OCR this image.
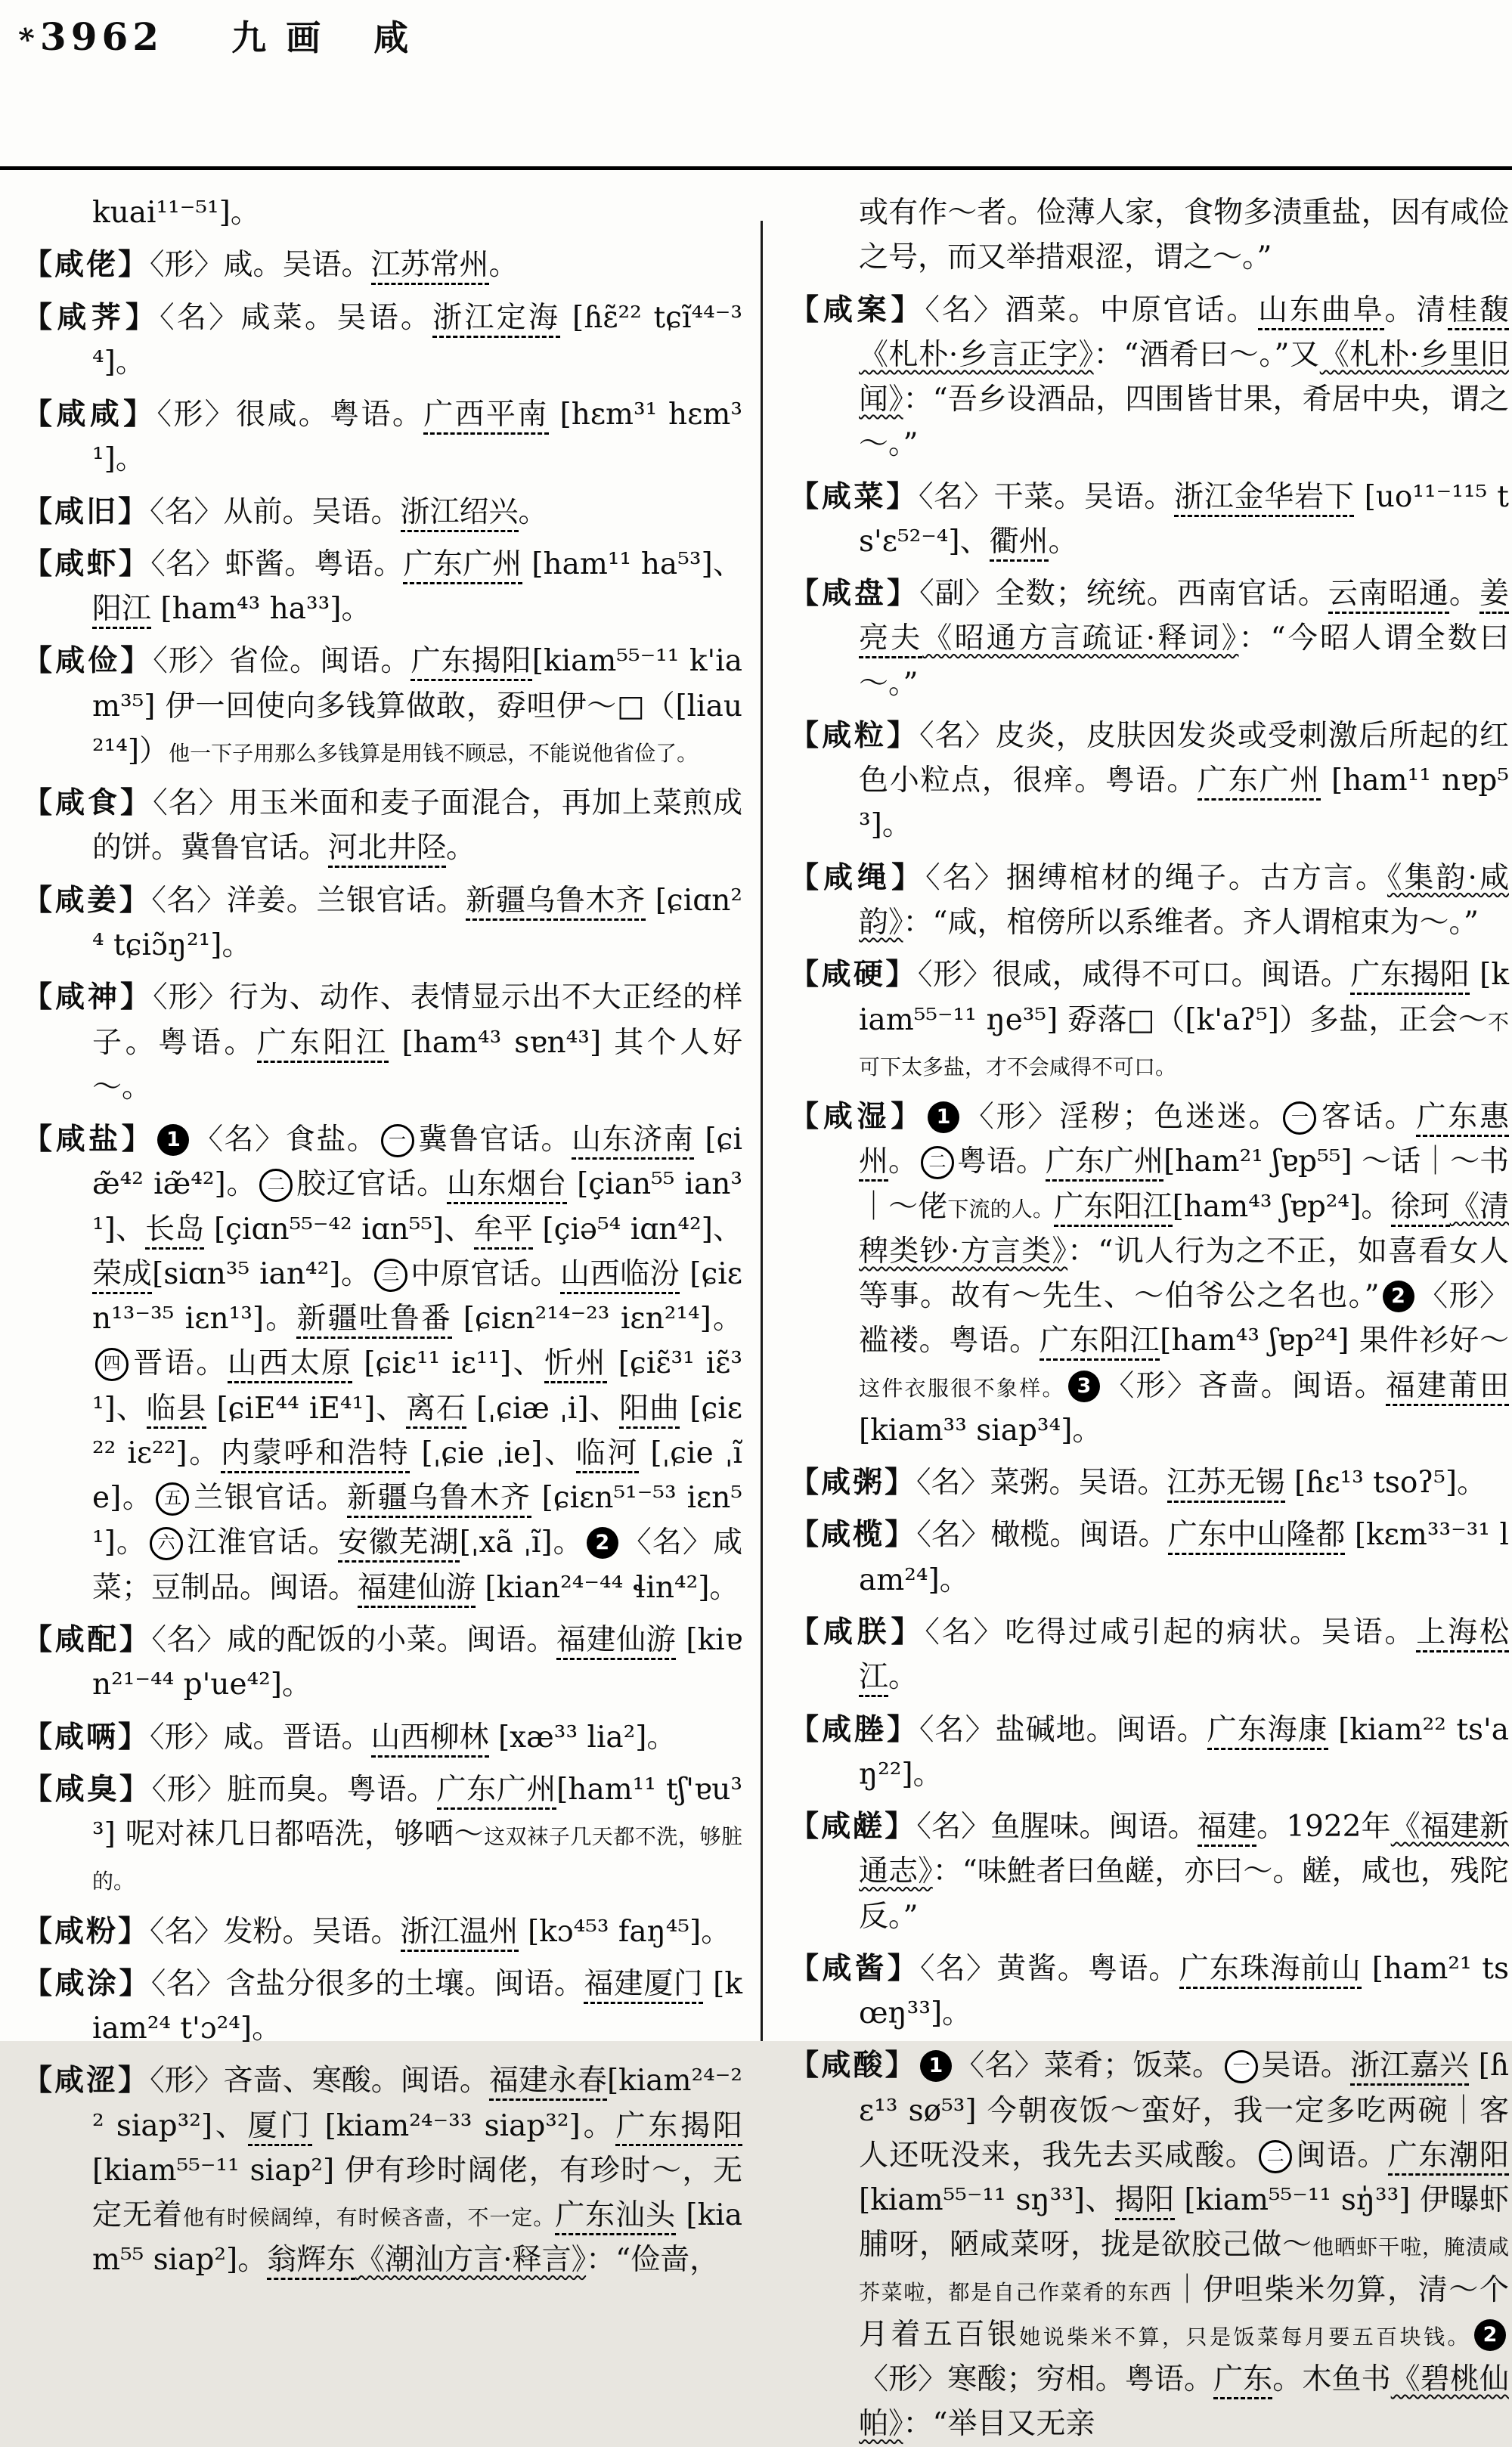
* 3962 九画 咸

kuai¹¹⁻⁵¹]。

【咸佬】〈形〉咸。吴语。江苏常州。

【咸荠】〈名〉咸菜。吴语。浙江定海 [ɦɛ̃²² tɕĩ⁴⁴⁻³⁴]。

【咸咸】〈形〉很咸。粤语。广西平南 [hɛm³¹ hɛm³¹]。

【咸旧】〈名〉从前。吴语。浙江绍兴。

【咸虾】〈名〉虾酱。粤语。广东广州 [ham¹¹ ha⁵³]、阳江 [ham⁴³ ha³³]。

【咸俭】〈形〉省俭。闽语。广东揭阳[kiam⁵⁵⁻¹¹ k'iam³⁵] 伊一回使向多钱算做敢，孬呾伊～□（[liau²¹⁴]）他一下子用那么多钱算是用钱不顾忌，不能说他省俭了。

【咸食】〈名〉用玉米面和麦子面混合，再加上菜煎成的饼。冀鲁官话。河北井陉。

【咸姜】〈名〉洋姜。兰银官话。新疆乌鲁木齐 [ɕiɑn²⁴ tɕiɔ̃ŋ²¹]。

【咸神】〈形〉行为、动作、表情显示出不大正经的样子。粤语。广东阳江 [ham⁴³ sɐn⁴³] 其个人好～。

【咸盐】 1 〈名〉食盐。 一 冀鲁官话。山东济南 [ɕiæ̃⁴² iæ̃⁴²]。 二 胶辽官话。山东烟台 [çian⁵⁵ ian³¹]、长岛 [çiɑn⁵⁵⁻⁴² iɑn⁵⁵]、牟平 [çiə⁵⁴ iɑn⁴²]、荣成[siɑn³⁵ ian⁴²]。 三 中原官话。山西临汾 [ɕiɛn¹³⁻³⁵ iɛn¹³]。新疆吐鲁番 [ɕiɛn²¹⁴⁻²³ iɛn²¹⁴]。四 晋语。山西太原 [ɕiɛ¹¹ iɛ¹¹]、忻州 [ɕiɛ̃³¹ iɛ̃³¹]、临县 [ɕiE⁴⁴ iE⁴¹]、离石 [ˌɕiæ ˌi]、阳曲 [ɕiɛ²² iɛ²²]。内蒙呼和浩特 [ˌɕie ˌie]、临河 [ˌɕie ˌĩe]。 五 兰银官话。新疆乌鲁木齐 [ɕiɛn⁵¹⁻⁵³ iɛn⁵¹]。 六 江淮官话。安徽芜湖[ˌxã ˌĩ]。 2 〈名〉咸菜；豆制品。闽语。福建仙游 [kian²⁴⁻⁴⁴ ɬin⁴²]。

【咸配】〈名〉咸的配饭的小菜。闽语。福建仙游 [kiɐn²¹⁻⁴⁴ p'ue⁴²]。

【咸唡】〈形〉咸。晋语。山西柳林 [xæ³³ lia²]。

【咸臭】〈形〉脏而臭。粤语。广东广州[ham¹¹ tʃ'ɐu³³] 呢对袜几日都唔洗，够哂～这双袜子几天都不洗，够脏的。

【咸粉】〈名〉发粉。吴语。浙江温州 [kɔ⁴⁵³ faŋ⁴⁵]。

【咸涂】〈名〉含盐分很多的土壤。闽语。福建厦门 [kiam²⁴ t'ɔ²⁴]。

【咸涩】〈形〉吝啬、寒酸。闽语。福建永春[kiam²⁴⁻²² siap³²]、厦门 [kiam²⁴⁻³³ siap³²]。广东揭阳 [kiam⁵⁵⁻¹¹ siap²] 伊有珍时阔佬，有珍时～，无定无着他有时候阔绰，有时候吝啬，不一定。广东汕头 [kiam⁵⁵ siap²]。翁辉东《潮汕方言·释言》：“俭啬，

或有作～者。俭薄人家，食物多渍重盐，因有咸俭之号，而又举措艰涩，谓之～。”

【咸案】〈名〉酒菜。中原官话。山东曲阜。清桂馥《札朴·乡言正字》：“酒肴曰～。”又《札朴·乡里旧闻》：“吾乡设酒品，四围皆甘果，肴居中央，谓之～。”

【咸菜】〈名〉干菜。吴语。浙江金华岩下 [uo¹¹⁻¹¹⁵ ts'ɛ⁵²⁻⁴]、衢州。

【咸盘】〈副〉全数；统统。西南官话。云南昭通。姜亮夫《昭通方言疏证·释词》：“今昭人谓全数曰～。”

【咸粒】〈名〉皮炎，皮肤因发炎或受刺激后所起的红色小粒点，很痒。粤语。广东广州 [ham¹¹ nɐp⁵³]。

【咸绳】〈名〉捆缚棺材的绳子。古方言。《集韵·咸韵》：“咸，棺傍所以系维者。齐人谓棺束为～。”

【咸硬】〈形〉很咸，咸得不可口。闽语。广东揭阳 [kiam⁵⁵⁻¹¹ ŋe³⁵] 孬落□（[k'aʔ⁵]）多盐，正会～不可下太多盐，才不会咸得不可口。

【咸湿】 1 〈形〉淫秽；色迷迷。 一 客话。广东惠州。 二 粤语。广东广州[ham²¹ ʃɐp⁵⁵] ～话｜～书｜～佬下流的人。广东阳江[ham⁴³ ʃɐp²⁴]。徐珂《清稗类钞·方言类》：“讥人行为之不正，如喜看女人等事。故有～先生、～伯爷公之名也。” 2 〈形〉褴褛。粤语。广东阳江[ham⁴³ ʃɐp²⁴] 果件衫好～这件衣服很不象样。 3 〈形〉吝啬。闽语。福建莆田 [kiam³³ siap³⁴]。

【咸粥】〈名〉菜粥。吴语。江苏无锡 [ɦɛ¹³ tsoʔ⁵]。

【咸榄】〈名〉橄榄。闽语。广东中山隆都 [kɛm³³⁻³¹ lam²⁴]。

【咸朕】〈名〉吃得过咸引起的病状。吴语。上海松江。

【咸塍】〈名〉盐碱地。闽语。广东海康 [kiam²² ts'aŋ²²]。

【咸鹾】〈名〉鱼腥味。闽语。福建。1922年《福建新通志》：“味鮏者曰鱼鹾，亦曰～。鹾，咸也，残陀反。”

【咸酱】〈名〉黄酱。粤语。广东珠海前山 [ham²¹ tsœŋ³³]。

【咸酸】 1 〈名〉菜肴；饭菜。 一 吴语。浙江嘉兴 [ɦɛ¹³ sø⁵³] 今朝夜饭～蛮好，我一定多吃两碗｜客人还呒没来，我先去买咸酸。 二 闽语。广东潮阳[kiam⁵⁵⁻¹¹ sŋ³³]、揭阳 [kiam⁵⁵⁻¹¹ sŋ̍³³] 伊曝虾脯呀，陋咸菜呀，拢是欲胶己做～他晒虾干啦，腌渍咸芥菜啦，都是自己作菜肴的东西｜伊呾柴米勿算，清～个月着五百银她说柴米不算，只是饭菜每月要五百块钱。 2〈形〉寒酸；穷相。粤语。广东。木鱼书《碧桃仙帕》：“举目又无亲
